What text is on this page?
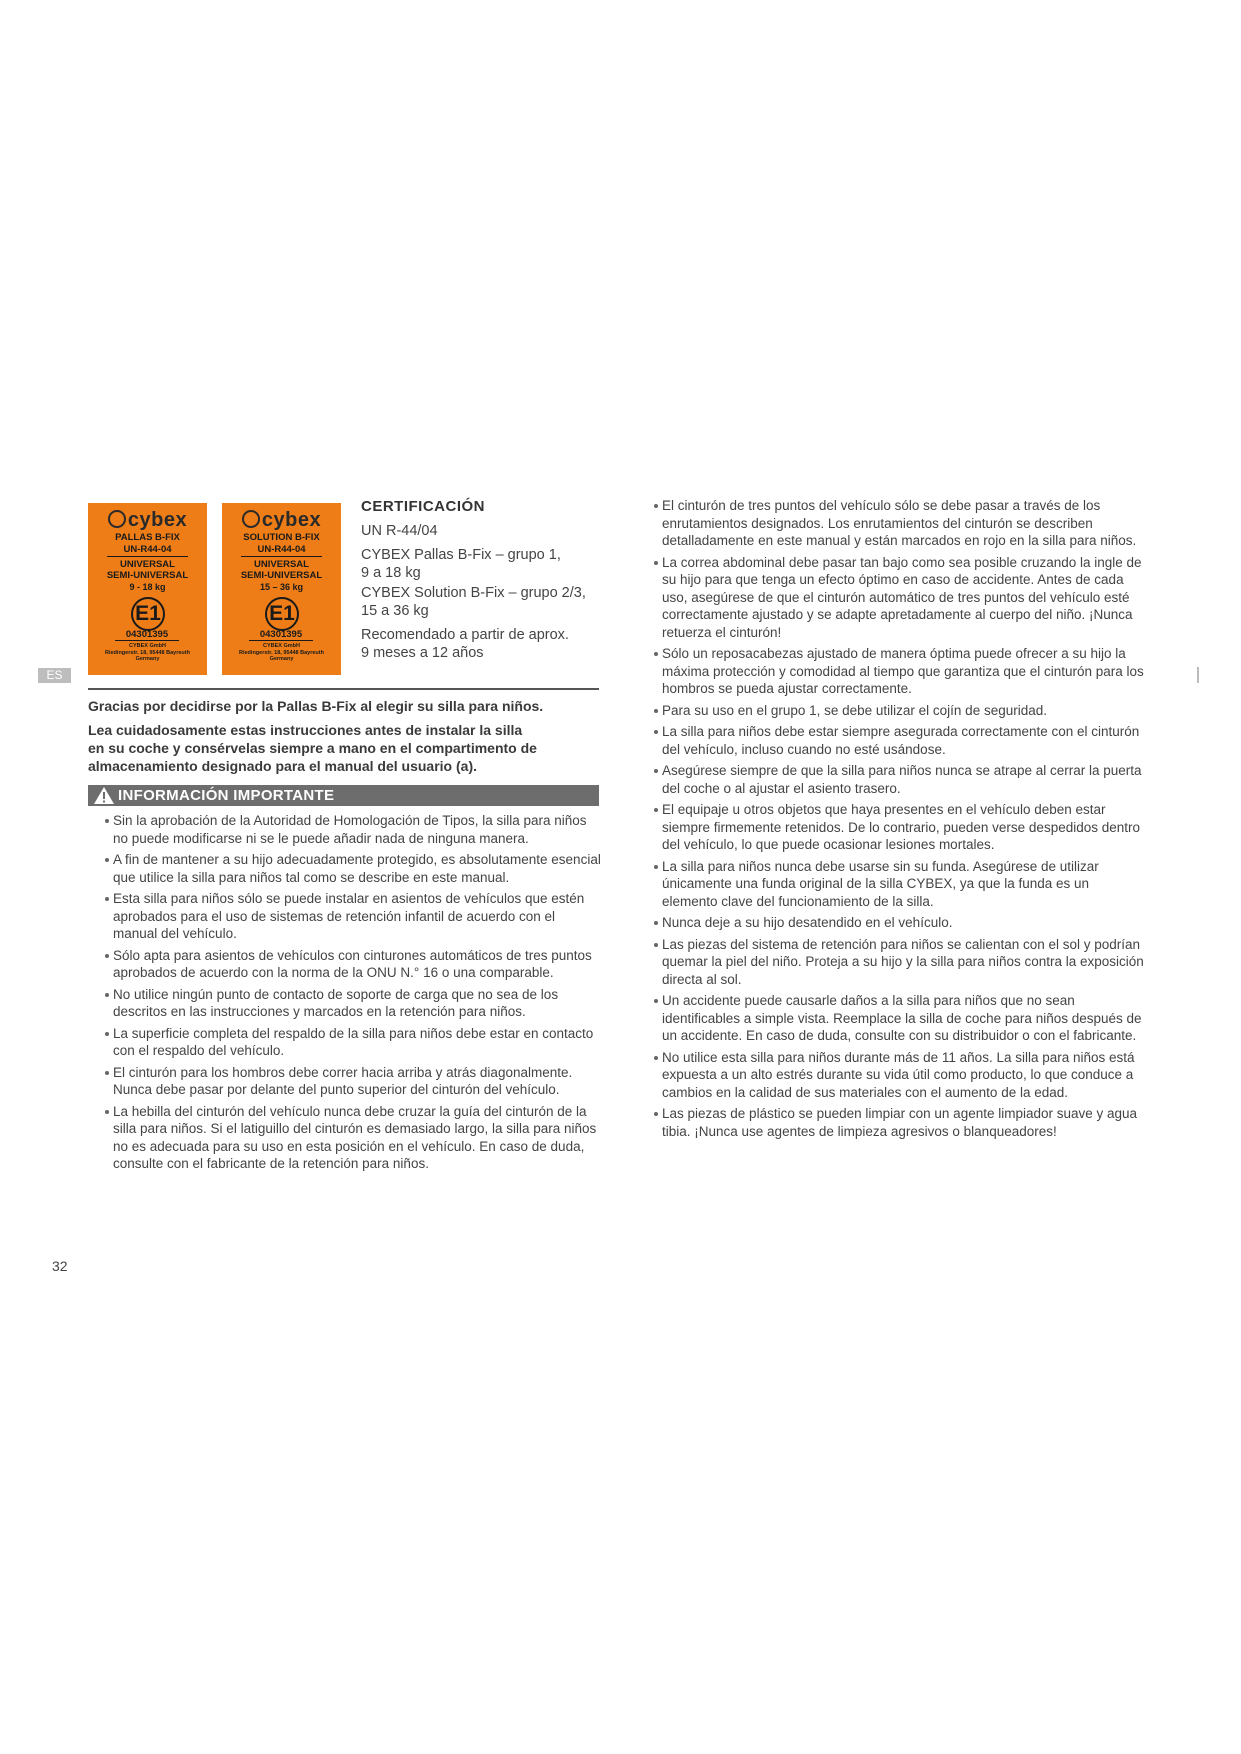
cybex
PALLAS B-FIX
UN-R44-04
UNIVERSAL
SEMI-UNIVERSAL
9 - 18 kg
E1
04301395
CYBEX GmbH
Riedingerstr. 18, 95448 Bayreuth
Germany
cybex
SOLUTION B-FIX
UN-R44-04
UNIVERSAL
SEMI-UNIVERSAL
15 – 36 kg
E1
04301395
CYBEX GmbH
Riedingerstr. 18, 95448 Bayreuth
Germany
CERTIFICACIÓN
UN R-44/04
CYBEX Pallas B-Fix – grupo 1,
9 a 18 kg
CYBEX Solution B-Fix – grupo 2/3,
15 a 36 kg
Recomendado a partir de aprox.
9 meses a 12 años
ES
Gracias por decidirse por la Pallas B-Fix al elegir su silla para niños.
Lea cuidadosamente estas instrucciones antes de instalar la silla
en su coche y consérvelas siempre a mano en el compartimento de
almacenamiento designado para el manual del usuario (a).
INFORMACIÓN IMPORTANTE
Sin la aprobación de la Autoridad de Homologación de Tipos, la silla para niños no puede modificarse ni se le puede añadir nada de ninguna manera.
A fin de mantener a su hijo adecuadamente protegido, es absolutamente esencial que utilice la silla para niños tal como se describe en este manual.
Esta silla para niños sólo se puede instalar en asientos de vehículos que estén aprobados para el uso de sistemas de retención infantil de acuerdo con el manual del vehículo.
Sólo apta para asientos de vehículos con cinturones automáticos de tres puntos aprobados de acuerdo con la norma de la ONU N.° 16 o una comparable.
No utilice ningún punto de contacto de soporte de carga que no sea de los descritos en las instrucciones y marcados en la retención para niños.
La superficie completa del respaldo de la silla para niños debe estar en contacto con el respaldo del vehículo.
El cinturón para los hombros debe correr hacia arriba y atrás diagonalmente. Nunca debe pasar por delante del punto superior del cinturón del vehículo.
La hebilla del cinturón del vehículo nunca debe cruzar la guía del cinturón de la silla para niños. Si el latiguillo del cinturón es demasiado largo, la silla para niños no es adecuada para su uso en esta posición en el vehículo. En caso de duda, consulte con el fabricante de la retención para niños.
El cinturón de tres puntos del vehículo sólo se debe pasar a través de los enrutamientos designados. Los enrutamientos del cinturón se describen detalladamente en este manual y están marcados en rojo en la silla para niños.
La correa abdominal debe pasar tan bajo como sea posible cruzando la ingle de su hijo para que tenga un efecto óptimo en caso de accidente. Antes de cada uso, asegúrese de que el cinturón automático de tres puntos del vehículo esté correctamente ajustado y se adapte apretadamente al cuerpo del niño. ¡Nunca retuerza el cinturón!
Sólo un reposacabezas ajustado de manera óptima puede ofrecer a su hijo la máxima protección y comodidad al tiempo que garantiza que el cinturón para los hombros se pueda ajustar correctamente.
Para su uso en el grupo 1, se debe utilizar el cojín de seguridad.
La silla para niños debe estar siempre asegurada correctamente con el cinturón del vehículo, incluso cuando no esté usándose.
Asegúrese siempre de que la silla para niños nunca se atrape al cerrar la puerta del coche o al ajustar el asiento trasero.
El equipaje u otros objetos que haya presentes en el vehículo deben estar siempre firmemente retenidos. De lo contrario, pueden verse despedidos dentro del vehículo, lo que puede ocasionar lesiones mortales.
La silla para niños nunca debe usarse sin su funda. Asegúrese de utilizar únicamente una funda original de la silla CYBEX, ya que la funda es un elemento clave del funcionamiento de la silla.
Nunca deje a su hijo desatendido en el vehículo.
Las piezas del sistema de retención para niños se calientan con el sol y podrían quemar la piel del niño. Proteja a su hijo y la silla para niños contra la exposición directa al sol.
Un accidente puede causarle daños a la silla para niños que no sean identificables a simple vista. Reemplace la silla de coche para niños después de un accidente. En caso de duda, consulte con su distribuidor o con el fabricante.
No utilice esta silla para niños durante más de 11 años. La silla para niños está expuesta a un alto estrés durante su vida útil como producto, lo que conduce a cambios en la calidad de sus materiales con el aumento de la edad.
Las piezas de plástico se pueden limpiar con un agente limpiador suave y agua tibia. ¡Nunca use agentes de limpieza agresivos o blanqueadores!
32
